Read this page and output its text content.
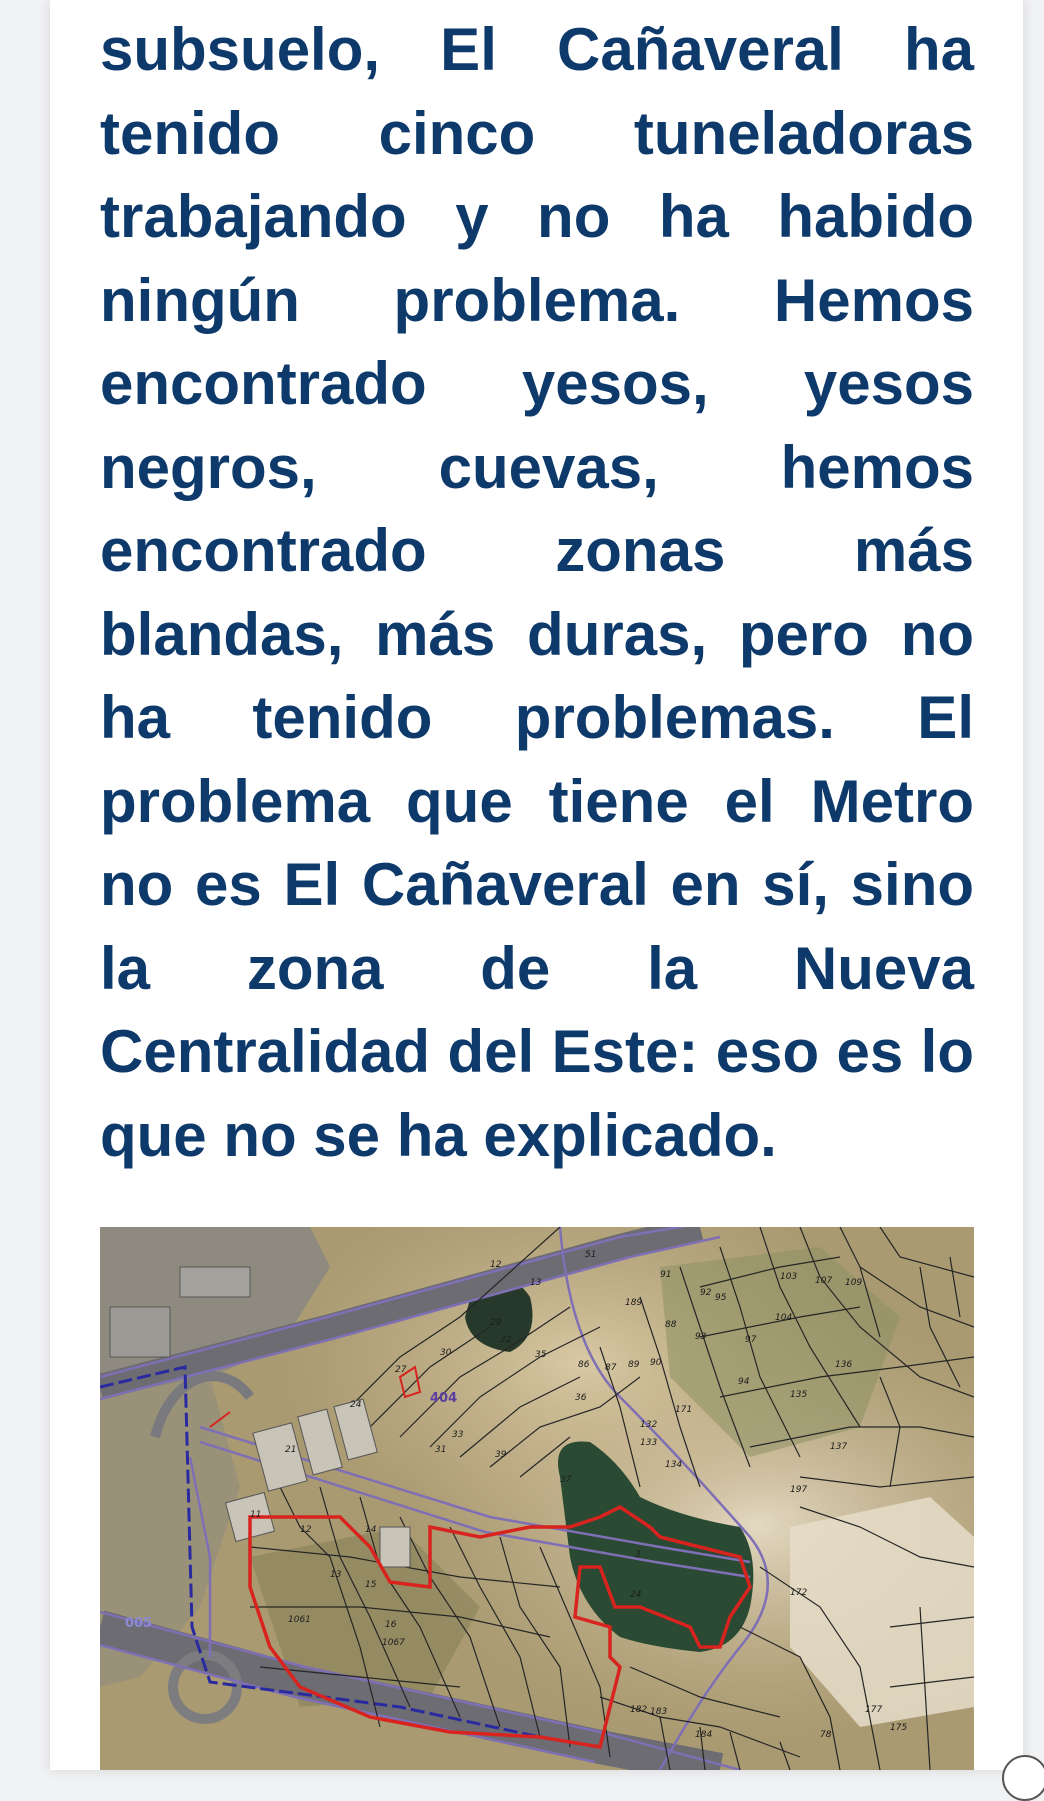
subsuelo, El Cañaveral ha tenido cinco tuneladoras trabajando y no ha habido ningún problema. Hemos encontrado yesos, yesos negros, cuevas, hemos encontrado zonas más blandas, más duras, pero no ha tenido problemas. El problema que tiene el Metro no es El Cañaveral en sí, sino la zona de la Nueva Centralidad del Este: eso es lo que no se ha explicado.

12
13
51
91	103 107 109
189
92
104
95
97
88
93
29
32
35
30
27
36
86 87 89 90
94
171
135
136
132
133
134
137
197
37
39
33
31
21
24
14
12
11
13
15
16
1061
1067
3
24	172
182 183	177
175
184	78
404
005
